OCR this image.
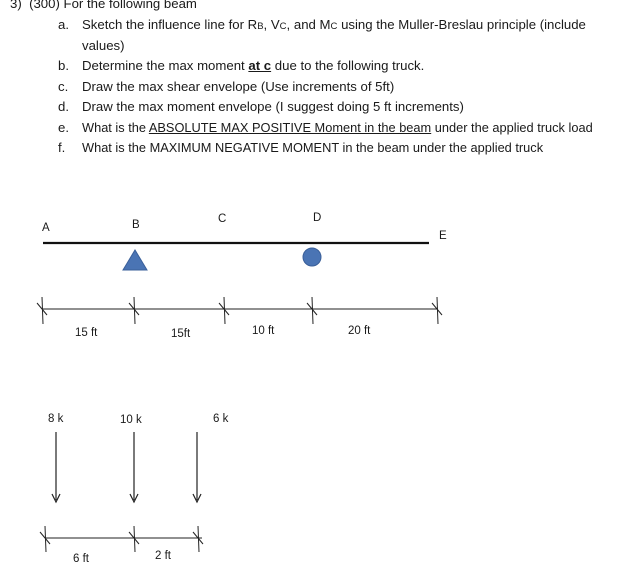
3) (300) For the following beam
a. Sketch the influence line for RB, VC, and MC using the Muller-Breslau principle (include
values)
b. Determine the max moment at c due to the following truck.
c. Draw the max shear envelope (Use increments of 5ft)
d. Draw the max moment envelope (I suggest doing 5 ft increments)
e. What is the ABSOLUTE MAX POSITIVE Moment in the beam under the applied truck load
f. What is the MAXIMUM NEGATIVE MOMENT in the beam under the applied truck
A	B	C	D
E
15 ft	15ft	10 ft	20 ft
8 k	10 k	6 k
6 ft	2 ft
